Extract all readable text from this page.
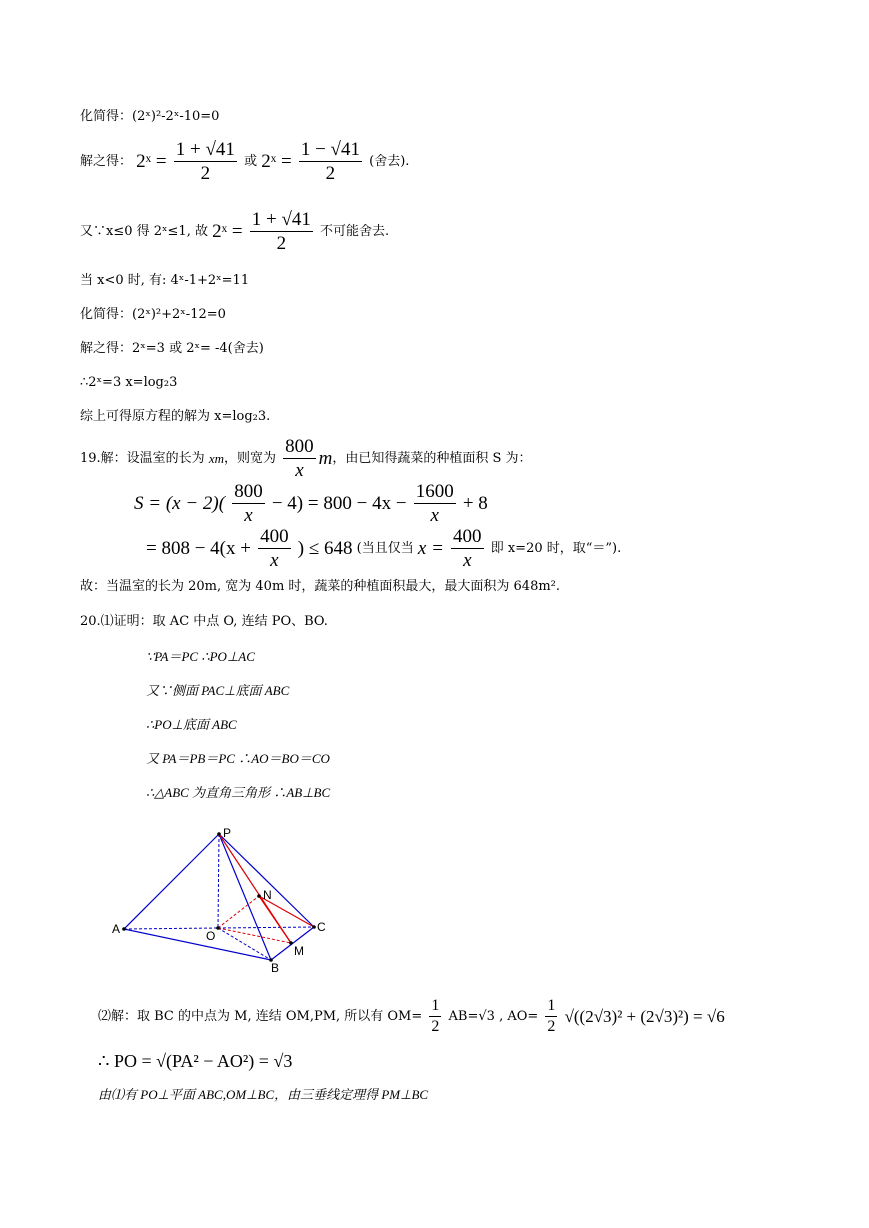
化简得：(2ˣ)²-2ˣ-10=0
解之得： 2ˣ = $\frac{1 + √41}{2}$ 或 2ˣ = $\frac{1 - √41}{2}$ (舍去).
又∵x≤0 得 2ˣ≤1, 故 2ˣ = $\frac{1 + √41}{2}$ 不可能舍去.
当 x<0 时, 有: 4ˣ-1+2ˣ=11
化简得：(2ˣ)²+2ˣ-12=0
解之得：2ˣ=3 或 2ˣ= -4(舍去)
∴2ˣ=3 x=log₂3
综上可得原方程的解为 x=log₂3.
19.解：设温室的长为 xm，则宽为 $\frac{800}{x}$ m，由已知得蔬菜的种植面积 S 为：
$S = (x - 2)( \frac{800}{x} - 4) = 800 - 4x - \frac{1600}{x} + 8$
= $808 - 4(x + \frac{400}{x}$ ) ≤ 648 (当且仅当 $x = \frac{400}{x}$ 即 x=20 时，取“＝”).
故：当温室的长为 20m, 宽为 40m 时，蔬菜的种植面积最大，最大面积为 648m².
20.⑴证明：取 AC 中点 O, 连结 PO、BO.
∵PA＝PC ∴PO⊥AC
又∵侧面 PAC⊥底面 ABC
∴PO⊥底面 ABC
又 PA＝PB＝PC ∴AO＝BO＝CO
∴△ABC 为直角三角形 ∴AB⊥BC
P
A
B
C
O
N
M
⑵解：取 BC 的中点为 M, 连结 OM,PM, 所以有 $OM= \frac{1}{2} AB=√3$ , $AO= \frac{1}{2} √((2√3)^2 + (2√3)^2) = √6$
∴ PO = √(PA² − AO²) = √3
由⑴有 PO⊥平面 ABC,OM⊥BC，由三垂线定理得 PM⊥BC
